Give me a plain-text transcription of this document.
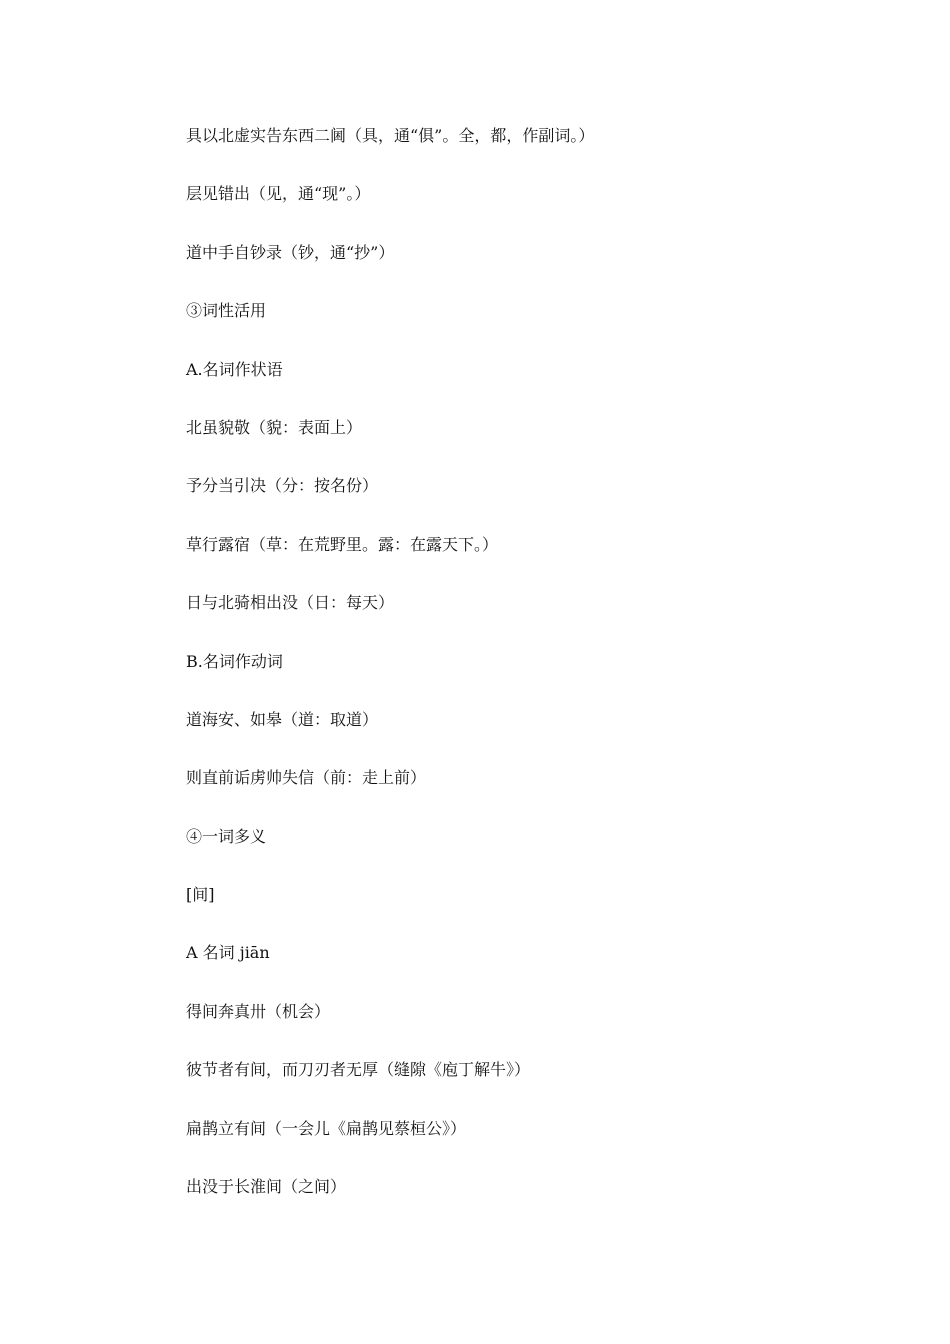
具以北虚实告东西二阃（具，通“俱”。全，都，作副词。）
层见错出（见，通“现”。）
道中手自钞录（钞，通“抄”）
③词性活用
A.名词作状语
北虽貌敬（貌：表面上）
予分当引决（分：按名份）
草行露宿（草：在荒野里。露：在露天下。）
日与北骑相出没（日：每天）
B.名词作动词
道海安、如皋（道：取道）
则直前诟虏帅失信（前：走上前）
④一词多义
[间]
A 名词 jiān
得间奔真卅（机会）
彼节者有间，而刀刃者无厚（缝隙《庖丁解牛》）
扁鹊立有间（一会儿《扁鹊见蔡桓公》）
出没于长淮间（之间）
